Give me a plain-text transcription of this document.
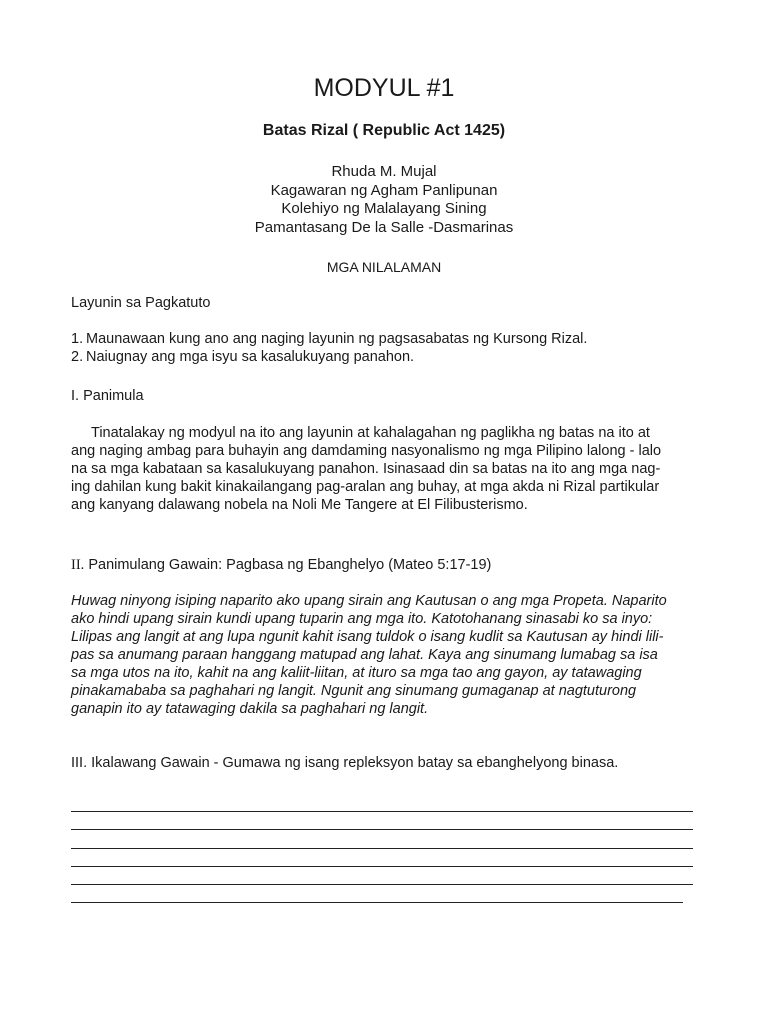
MODYUL #1
Batas Rizal ( Republic Act 1425)
Rhuda M. Mujal
Kagawaran ng Agham Panlipunan
Kolehiyo ng Malalayang Sining
Pamantasang De la Salle -Dasmarinas
MGA NILALAMAN
Layunin sa Pagkatuto
1. Maunawaan kung ano ang naging layunin ng pagsasabatas ng Kursong Rizal.
2. Naiugnay ang mga isyu sa kasalukuyang panahon.
I. Panimula
Tinatalakay ng modyul na ito ang layunin at kahalagahan ng paglikha ng batas na ito at
ang naging ambag para buhayin ang damdaming nasyonalismo ng mga Pilipino lalong - lalo
na sa mga kabataan sa kasalukuyang panahon. Isinasaad din sa batas na ito ang mga nag-
ing dahilan kung bakit kinakailangang pag-aralan ang buhay, at mga akda ni Rizal partikular
ang kanyang dalawang nobela na Noli Me Tangere at El Filibusterismo.
II. Panimulang Gawain: Pagbasa ng Ebanghelyo (Mateo 5:17-19)
Huwag ninyong isiping naparito ako upang sirain ang Kautusan o ang mga Propeta. Naparito
ako hindi upang sirain kundi upang tuparin ang mga ito. Katotohanang sinasabi ko sa inyo:
Lilipas ang langit at ang lupa ngunit kahit isang tuldok o isang kudlit sa Kautusan ay hindi lili-
pas sa anumang paraan hanggang matupad ang lahat. Kaya ang sinumang lumabag sa isa
sa mga utos na ito, kahit na ang kaliit-liitan, at ituro sa mga tao ang gayon, ay tatawaging
pinakamababa sa paghahari ng langit. Ngunit ang sinumang gumaganap at nagtuturong
ganapin ito ay tatawaging dakila sa paghahari ng langit.
III. Ikalawang Gawain - Gumawa ng isang repleksyon batay sa ebanghelyong binasa.
